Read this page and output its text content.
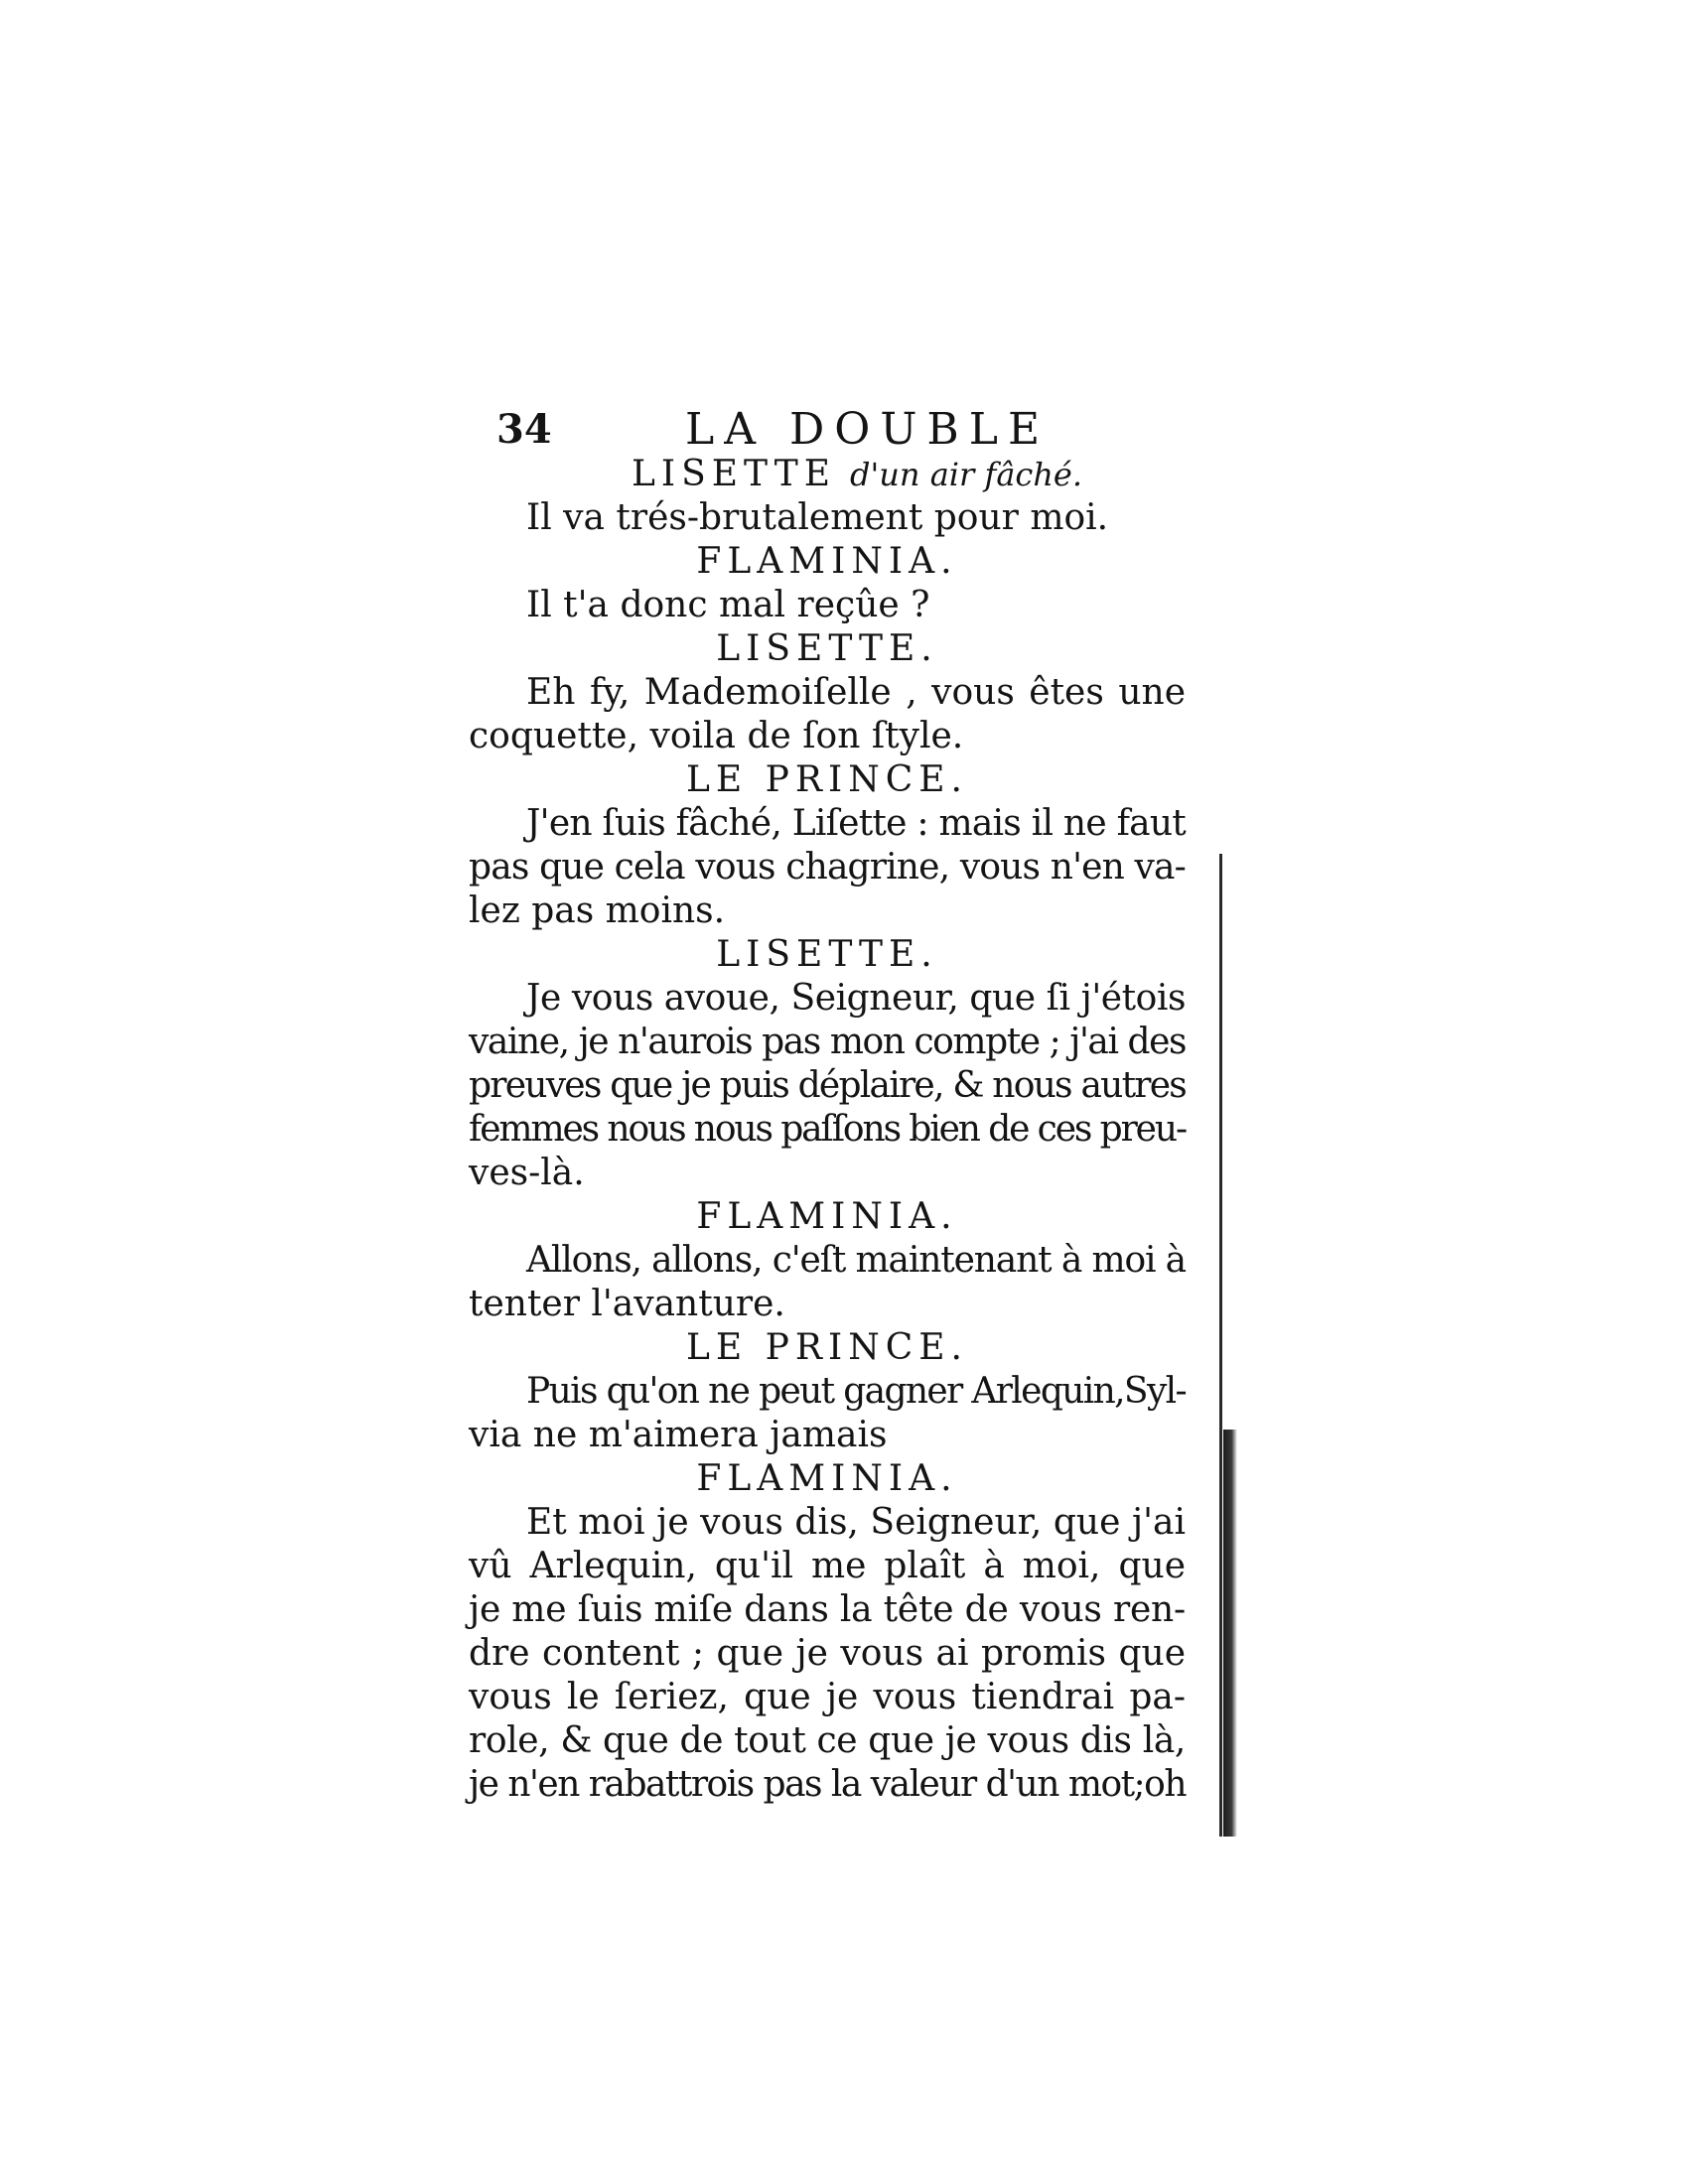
34	LA DOUBLE
LISETTE d'un air fâché.
Il va trés-brutalement pour moi.
FLAMINIA.
Il t'a donc mal reçûe ?
LISETTE.
Eh fy, Mademoiſelle , vous êtes une
coquette, voila de ſon ſtyle.
LE PRINCE.
J'en ſuis fâché, Liſette : mais il ne faut
pas que cela vous chagrine, vous n'en va-
lez pas moins.
LISETTE.
Je vous avoue, Seigneur, que ſi j'étois
vaine, je n'aurois pas mon compte ; j'ai des
preuves que je puis déplaire, & nous autres
femmes nous nous paſſons bien de ces preu-
ves-là.
FLAMINIA.
Allons, allons, c'eſt maintenant à moi à
tenter l'avanture.
LE PRINCE.
Puis qu'on ne peut gagner Arlequin,Syl-
via ne m'aimera jamais
FLAMINIA.
Et moi je vous dis, Seigneur, que j'ai
vû Arlequin, qu'il me plaît à moi, que
je me ſuis miſe dans la tête de vous ren-
dre content ; que je vous ai promis que
vous le ſeriez, que je vous tiendrai pa-
role, & que de tout ce que je vous dis là,
je n'en rabattrois pas la valeur d'un mot;oh
